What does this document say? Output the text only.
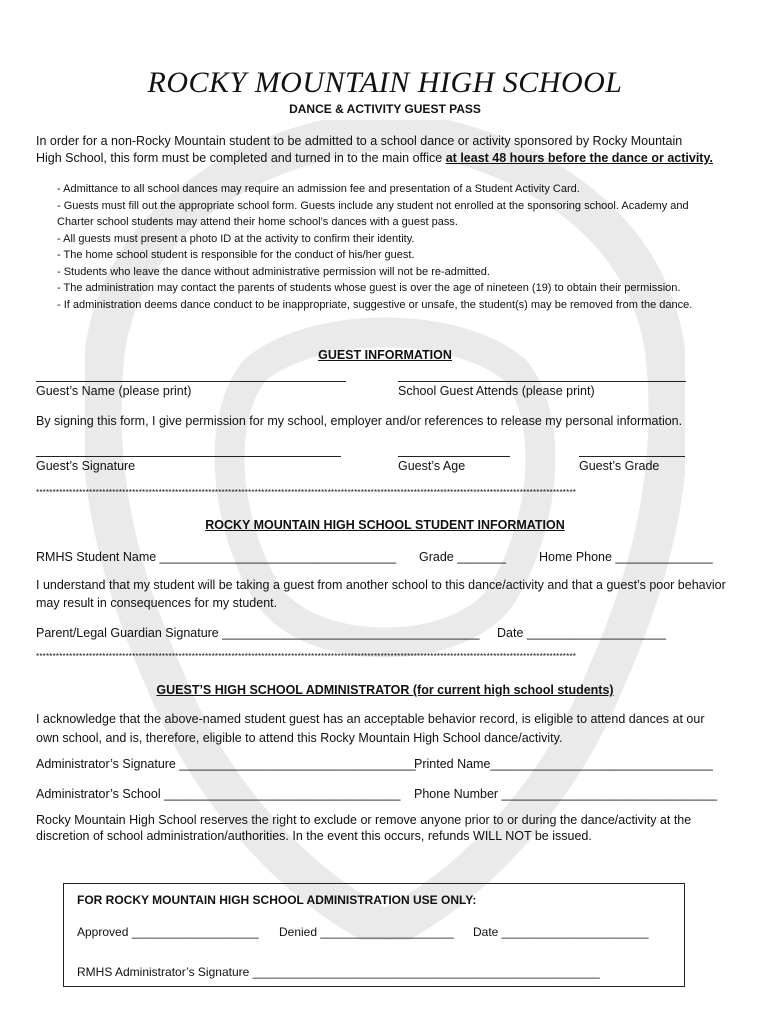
ROCKY MOUNTAIN HIGH SCHOOL
DANCE & ACTIVITY GUEST PASS
In order for a non-Rocky Mountain student to be admitted to a school dance or activity sponsored by Rocky Mountain
High School, this form must be completed and turned in to the main office at least 48 hours before the dance or activity.
- Admittance to all school dances may require an admission fee and presentation of a Student Activity Card.
- Guests must fill out the appropriate school form. Guests include any student not enrolled at the sponsoring school. Academy and
Charter school students may attend their home school’s dances with a guest pass.
- All guests must present a photo ID at the activity to confirm their identity.
- The home school student is responsible for the conduct of his/her guest.
- Students who leave the dance without administrative permission will not be re-admitted.
- The administration may contact the parents of students whose guest is over the age of nineteen (19) to obtain their permission.
- If administration deems dance conduct to be inappropriate, suggestive or unsafe, the student(s) may be removed from the dance.
GUEST INFORMATION
Guest’s Name (please print)	School Guest Attends (please print)
By signing this form, I give permission for my school, employer and/or references to release my personal information.
Guest’s Signature	Guest’s Age	Guest’s Grade
*******************************************************************************************************************************************************************
ROCKY MOUNTAIN HIGH SCHOOL STUDENT INFORMATION
RMHS Student Name __________________________________ Grade _______	Home Phone ______________
I understand that my student will be taking a guest from another school to this dance/activity and that a guest’s poor behavior
may result in consequences for my student.
Parent/Legal Guardian Signature _____________________________________ Date ____________________
*******************************************************************************************************************************************************************
GUEST’S HIGH SCHOOL ADMINISTRATOR (for current high school students)
I acknowledge that the above-named student guest has an acceptable behavior record, is eligible to attend dances at our
own school, and is, therefore, eligible to attend this Rocky Mountain High School dance/activity.
Administrator’s Signature __________________________________
Printed Name________________________________
Administrator’s School __________________________________ Phone Number _______________________________
Rocky Mountain High School reserves the right to exclude or remove anyone prior to or during the dance/activity at the
discretion of school administration/authorities. In the event this occurs, refunds WILL NOT be issued.
FOR ROCKY MOUNTAIN HIGH SCHOOL ADMINISTRATION USE ONLY:
Approved ___________________ Denied ____________________ Date ______________________
RMHS Administrator’s Signature ____________________________________________________
